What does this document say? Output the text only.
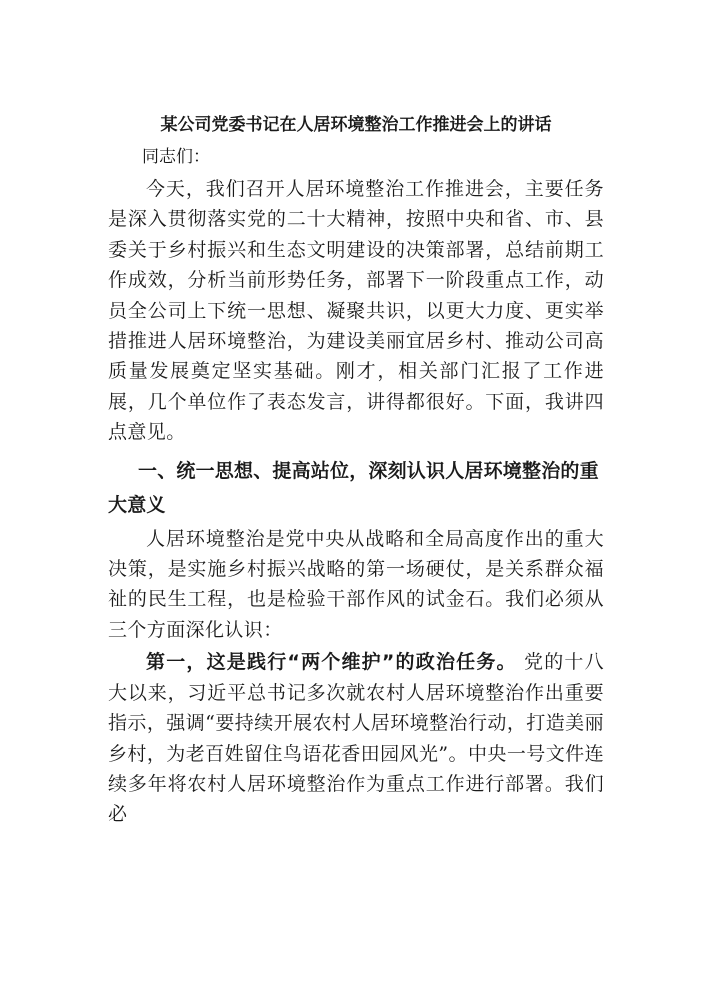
某公司党委书记在人居环境整治工作推进会上的讲话

同志们：

今天，我们召开人居环境整治工作推进会，主要任务是深入贯彻落实党的二十大精神，按照中央和省、市、县委关于乡村振兴和生态文明建设的决策部署，总结前期工作成效，分析当前形势任务，部署下一阶段重点工作，动员全公司上下统一思想、凝聚共识，以更大力度、更实举措推进人居环境整治，为建设美丽宜居乡村、推动公司高质量发展奠定坚实基础。刚才，相关部门汇报了工作进展，几个单位作了表态发言，讲得都很好。下面，我讲四点意见。

一、统一思想、提高站位，深刻认识人居环境整治的重大意义

人居环境整治是党中央从战略和全局高度作出的重大决策，是实施乡村振兴战略的第一场硬仗，是关系群众福祉的民生工程，也是检验干部作风的试金石。我们必须从三个方面深化认识：

第一，这是践行“两个维护”的政治任务。 党的十八大以来，习近平总书记多次就农村人居环境整治作出重要指示，强调“要持续开展农村人居环境整治行动，打造美丽乡村，为老百姓留住鸟语花香田园风光”。中央一号文件连续多年将农村人居环境整治作为重点工作进行部署。我们必
